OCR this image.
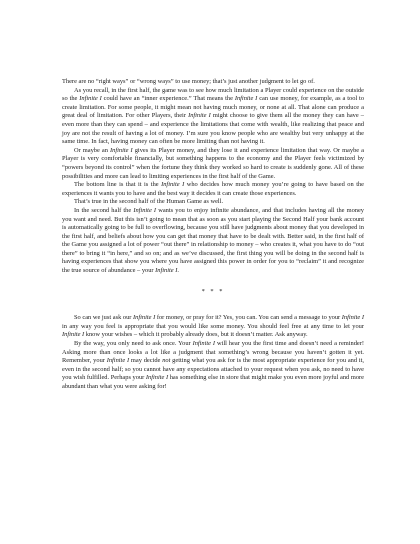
There are no “right ways” or “wrong ways” to use money; that’s just another judgment to let go of.

As you recall, in the first half, the game was to see how much limitation a Player could experience on the outside so the Infinite I could have an “inner experience.” That means the Infinite I can use money, for example, as a tool to create limitation. For some people, it might mean not having much money, or none at all. That alone can produce a great deal of limitation. For other Players, their Infinite I might choose to give them all the money they can have – even more than they can spend – and experience the limitations that come with wealth, like realizing that peace and joy are not the result of having a lot of money. I’m sure you know people who are wealthy but very unhappy at the same time. In fact, having money can often be more limiting than not having it.

Or maybe an Infinite I gives its Player money, and they lose it and experience limitation that way. Or maybe a Player is very comfortable financially, but something happens to the economy and the Player feels victimized by “powers beyond its control” when the fortune they think they worked so hard to create is suddenly gone. All of these possibilities and more can lead to limiting experiences in the first half of the Game.

The bottom line is that it is the Infinite I who decides how much money you’re going to have based on the experiences it wants you to have and the best way it decides it can create those experiences.

That’s true in the second half of the Human Game as well.

In the second half the Infinite I wants you to enjoy infinite abundance, and that includes having all the money you want and need. But this isn’t going to mean that as soon as you start playing the Second Half your bank account is automatically going to be full to overflowing, because you still have judgments about money that you developed in the first half, and beliefs about how you can get that money that have to be dealt with. Better said, in the first half of the Game you assigned a lot of power “out there” in relationship to money – who creates it, what you have to do “out there” to bring it “in here,” and so on; and as we’ve discussed, the first thing you will be doing in the second half is having experiences that show you where you have assigned this power in order for you to “reclaim” it and recognize the true source of abundance – your Infinite I.

* * *

So can we just ask our Infinite I for money, or pray for it? Yes, you can. You can send a message to your Infinite I in any way you feel is appropriate that you would like some money. You should feel free at any time to let your Infinite I know your wishes – which it probably already does, but it doesn’t matter. Ask anyway.

By the way, you only need to ask once. Your Infinite I will hear you the first time and doesn’t need a reminder! Asking more than once looks a lot like a judgment that something’s wrong because you haven’t gotten it yet. Remember, your Infinite I may decide not getting what you ask for is the most appropriate experience for you and it, even in the second half; so you cannot have any expectations attached to your request when you ask, no need to have you wish fulfilled. Perhaps your Infinite I has something else in store that might make you even more joyful and more abundant than what you were asking for!
